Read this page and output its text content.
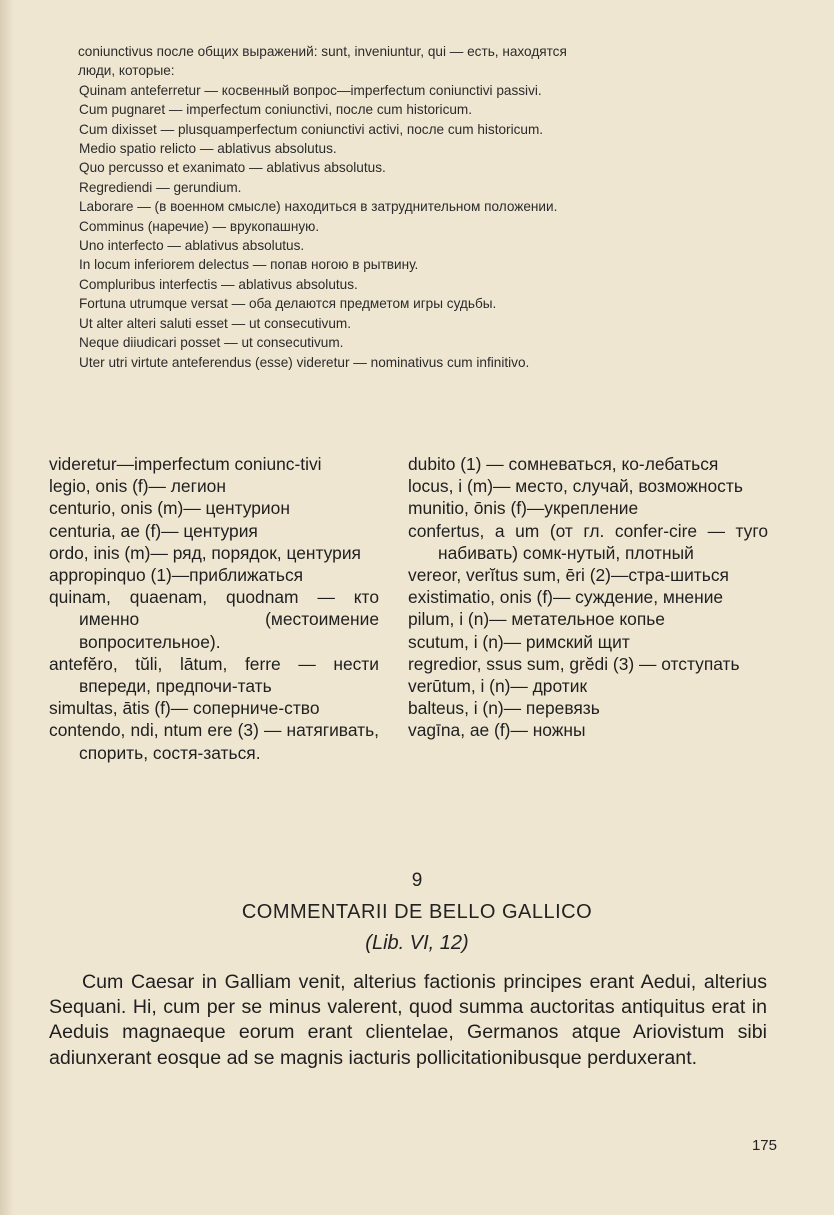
coniunctivus после общих выражений: sunt, inveniuntur, qui — есть, находятся
люди, которые:
Quinam anteferretur — косвенный вопрос—imperfectum coniunctivi passivi.
Cum pugnaret — imperfectum coniunctivi, после cum historicum.
Cum dixisset — plusquamperfectum coniunctivi activi, после cum historicum.
Medio spatio relicto — ablativus absolutus.
Quo percusso et exanimato — ablativus absolutus.
Regrediendi — gerundium.
Laborare — (в военном смысле) находиться в затруднительном положении.
Comminus (наречие) — врукопашную.
Uno interfecto — ablativus absolutus.
In locum inferiorem delectus — попав ногою в рытвину.
Compluribus interfectis — ablativus absolutus.
Fortuna utrumque versat — оба делаются предметом игры судьбы.
Ut alter alteri saluti esset — ut consecutivum.
Neque diiudicari posset — ut consecutivum.
Uter utri virtute anteferendus (esse) videretur — nominativus cum infinitivo.
videretur—imperfectum coniunc-tivi
legio, onis (f)— легион
centurio, onis (m)— центурион
centuria, ae (f)— центурия
ordo, inis (m)— ряд, порядок, центурия
appropinquo (1)—приближаться
quinam, quaenam, quodnam — кто именно (местоимение вопросительное).
antefĕro, tŭli, lātum, ferre — нести впереди, предпочи-тать
simultas, ātis (f)— соперниче-ство
contendo, ndi, ntum ere (3) — натягивать, спорить, состя-заться.
dubito (1) — сомневаться, ко-лебаться
locus, i (m)— место, случай, возможность
munitio, ōnis (f)—укрепление
confertus, a um (от гл. confer-cire — туго набивать) сомк-нутый, плотный
vereor, verĭtus sum, ēri (2)—стра-шиться
existimatio, onis (f)— суждение, мнение
pilum, i (n)— метательное копье
scutum, i (n)— римский щит
regredior, ssus sum, grĕdi (3) — отступать
verūtum, i (n)— дротик
balteus, i (n)— перевязь
vagīna, ae (f)— ножны
9
COMMENTARII DE BELLO GALLICO
(Lib. VI, 12)

Cum Caesar in Galliam venit, alterius factionis principes erant Aedui, alterius Sequani. Hi, cum per se minus valerent, quod summa auctoritas antiquitus erat in Aeduis magnaeque eorum erant clientelae, Germanos atque Ariovistum sibi adiunxerant eosque ad se magnis iacturis pollicitationibusque perduxerant.

175
